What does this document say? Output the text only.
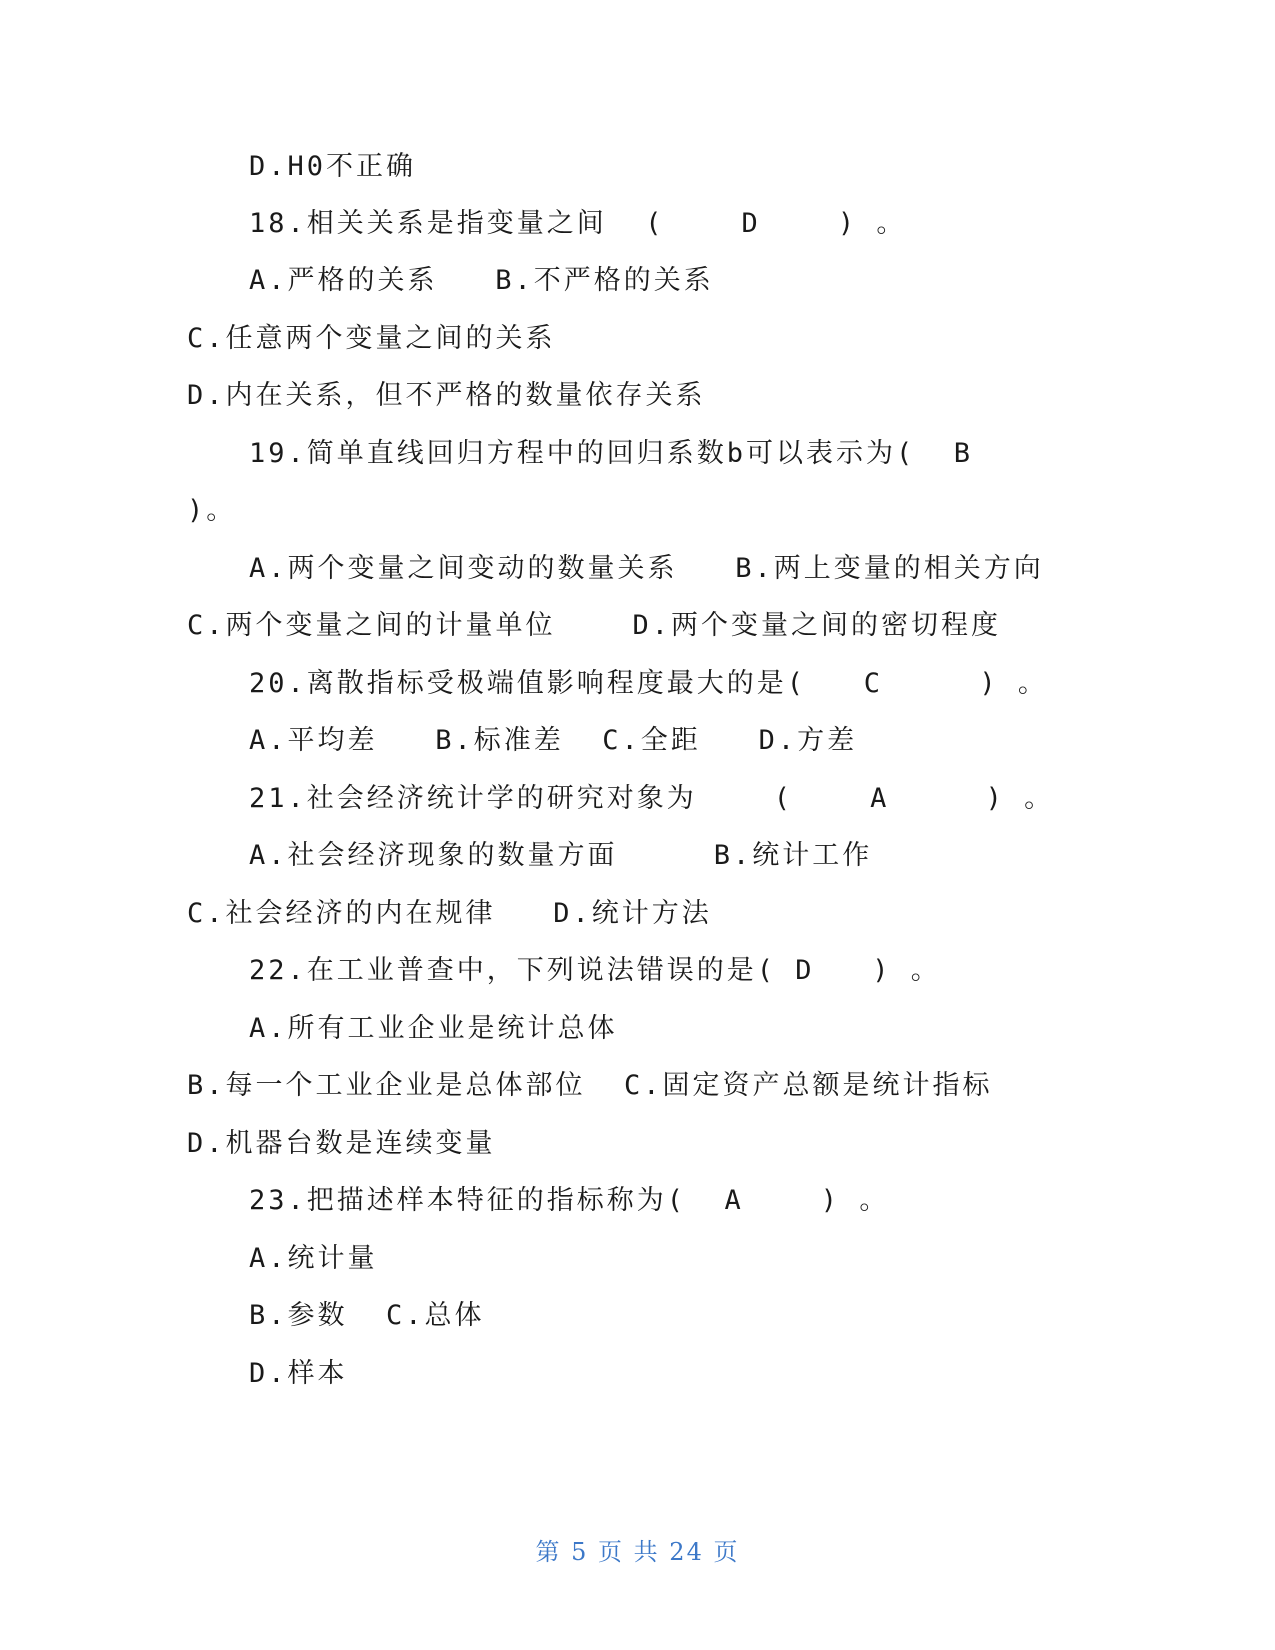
D.H0不正确
18.相关关系是指变量之间  (    D    ) 。
A.严格的关系   B.不严格的关系
C.任意两个变量之间的关系
D.内在关系，但不严格的数量依存关系
19.简单直线回归方程中的回归系数b可以表示为(  B
)。
A.两个变量之间变动的数量关系   B.两上变量的相关方向
C.两个变量之间的计量单位    D.两个变量之间的密切程度
20.离散指标受极端值影响程度最大的是(   C     ) 。
A.平均差   B.标准差  C.全距   D.方差
21.社会经济统计学的研究对象为    (    A     ) 。
A.社会经济现象的数量方面     B.统计工作
C.社会经济的内在规律   D.统计方法
22.在工业普查中，下列说法错误的是( D   ) 。
A.所有工业企业是统计总体
B.每一个工业企业是总体部位  C.固定资产总额是统计指标
D.机器台数是连续变量
23.把描述样本特征的指标称为(  A    ) 。
A.统计量
B.参数  C.总体
D.样本
第 5 页 共 24 页
